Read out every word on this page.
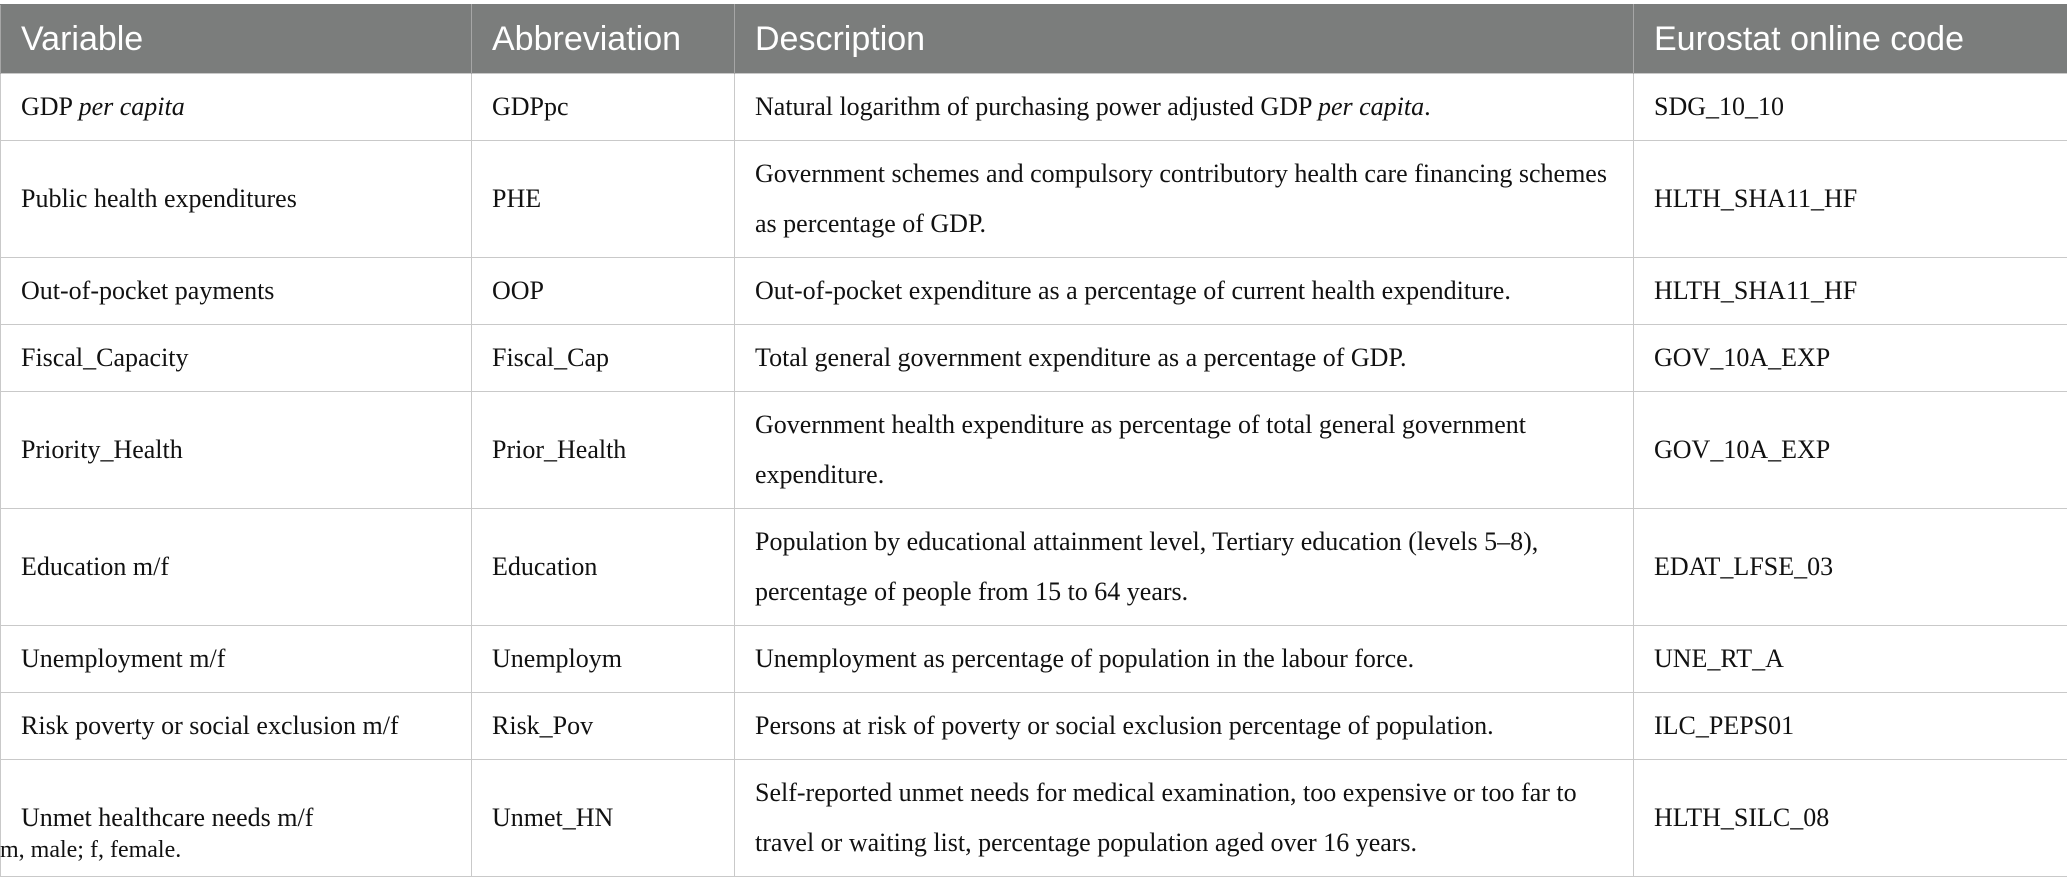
Variable	Abbreviation	Description	Eurostat online code
GDP per capita	GDPpc	Natural logarithm of purchasing power adjusted GDP per capita.	SDG_10_10
Public health expenditures	PHE	Government schemes and compulsory contributory health care financing schemes as percentage of GDP.	HLTH_SHA11_HF
Out-of-pocket payments	OOP	Out-of-pocket expenditure as a percentage of current health expenditure.	HLTH_SHA11_HF
Fiscal_Capacity	Fiscal_Cap	Total general government expenditure as a percentage of GDP.	GOV_10A_EXP
Priority_Health	Prior_Health	Government health expenditure as percentage of total general government expenditure.	GOV_10A_EXP
Education m/f	Education	Population by educational attainment level, Tertiary education (levels 5–8), percentage of people from 15 to 64 years.	EDAT_LFSE_03
Unemployment m/f	Unemploym	Unemployment as percentage of population in the labour force.	UNE_RT_A
Risk poverty or social exclusion m/f	Risk_Pov	Persons at risk of poverty or social exclusion percentage of population.	ILC_PEPS01
Unmet healthcare needs m/f	Unmet_HN	Self-reported unmet needs for medical examination, too expensive or too far to travel or waiting list, percentage population aged over 16 years.	HLTH_SILC_08
m, male; f, female.
